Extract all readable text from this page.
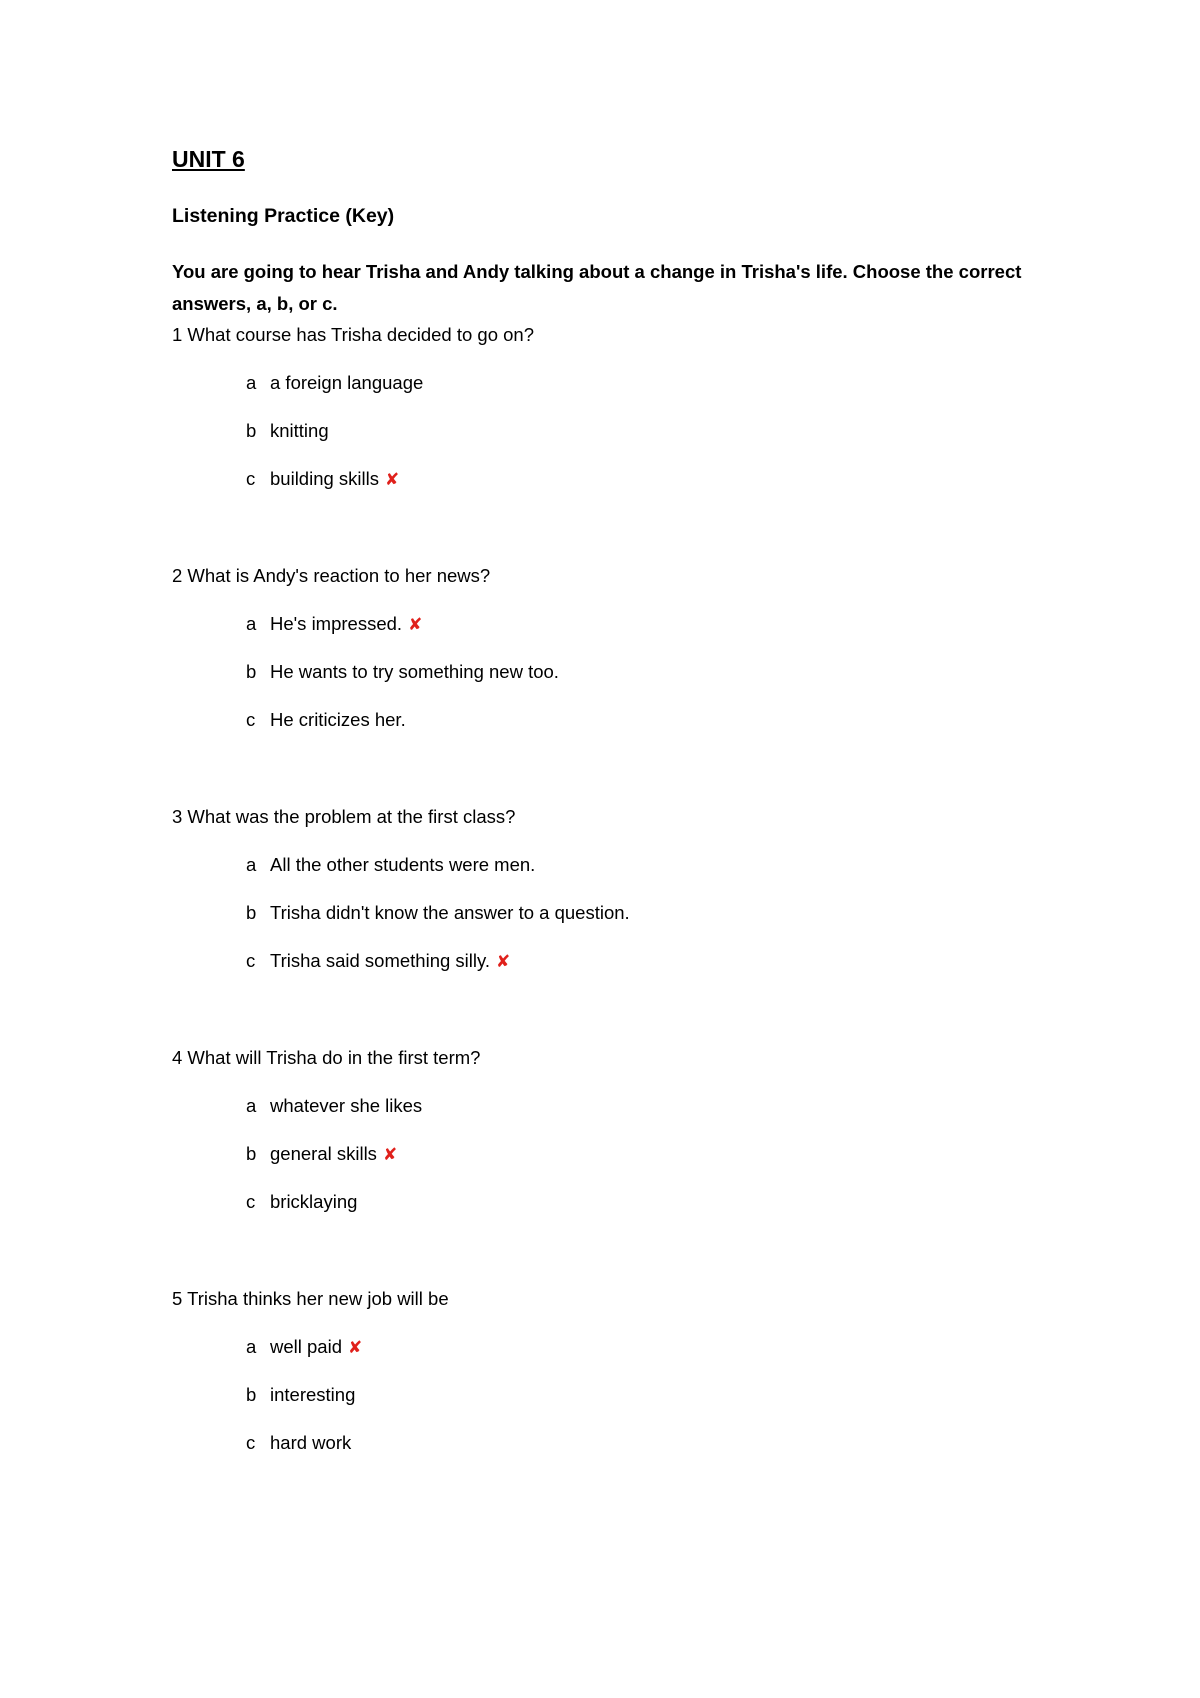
UNIT 6
Listening Practice (Key)
You are going to hear Trisha and Andy talking about a change in Trisha's life. Choose the correct answers, a, b, or c.
1 What course has Trisha decided to go on?
a a foreign language
b knitting
c building skills ✘
2 What is Andy's reaction to her news?
a He's impressed. ✘
b He wants to try something new too.
c He criticizes her.
3 What was the problem at the first class?
a All the other students were men.
b Trisha didn't know the answer to a question.
c Trisha said something silly. ✘
4 What will Trisha do in the first term?
a whatever she likes
b general skills ✘
c bricklaying
5 Trisha thinks her new job will be
a well paid ✘
b interesting
c hard work
